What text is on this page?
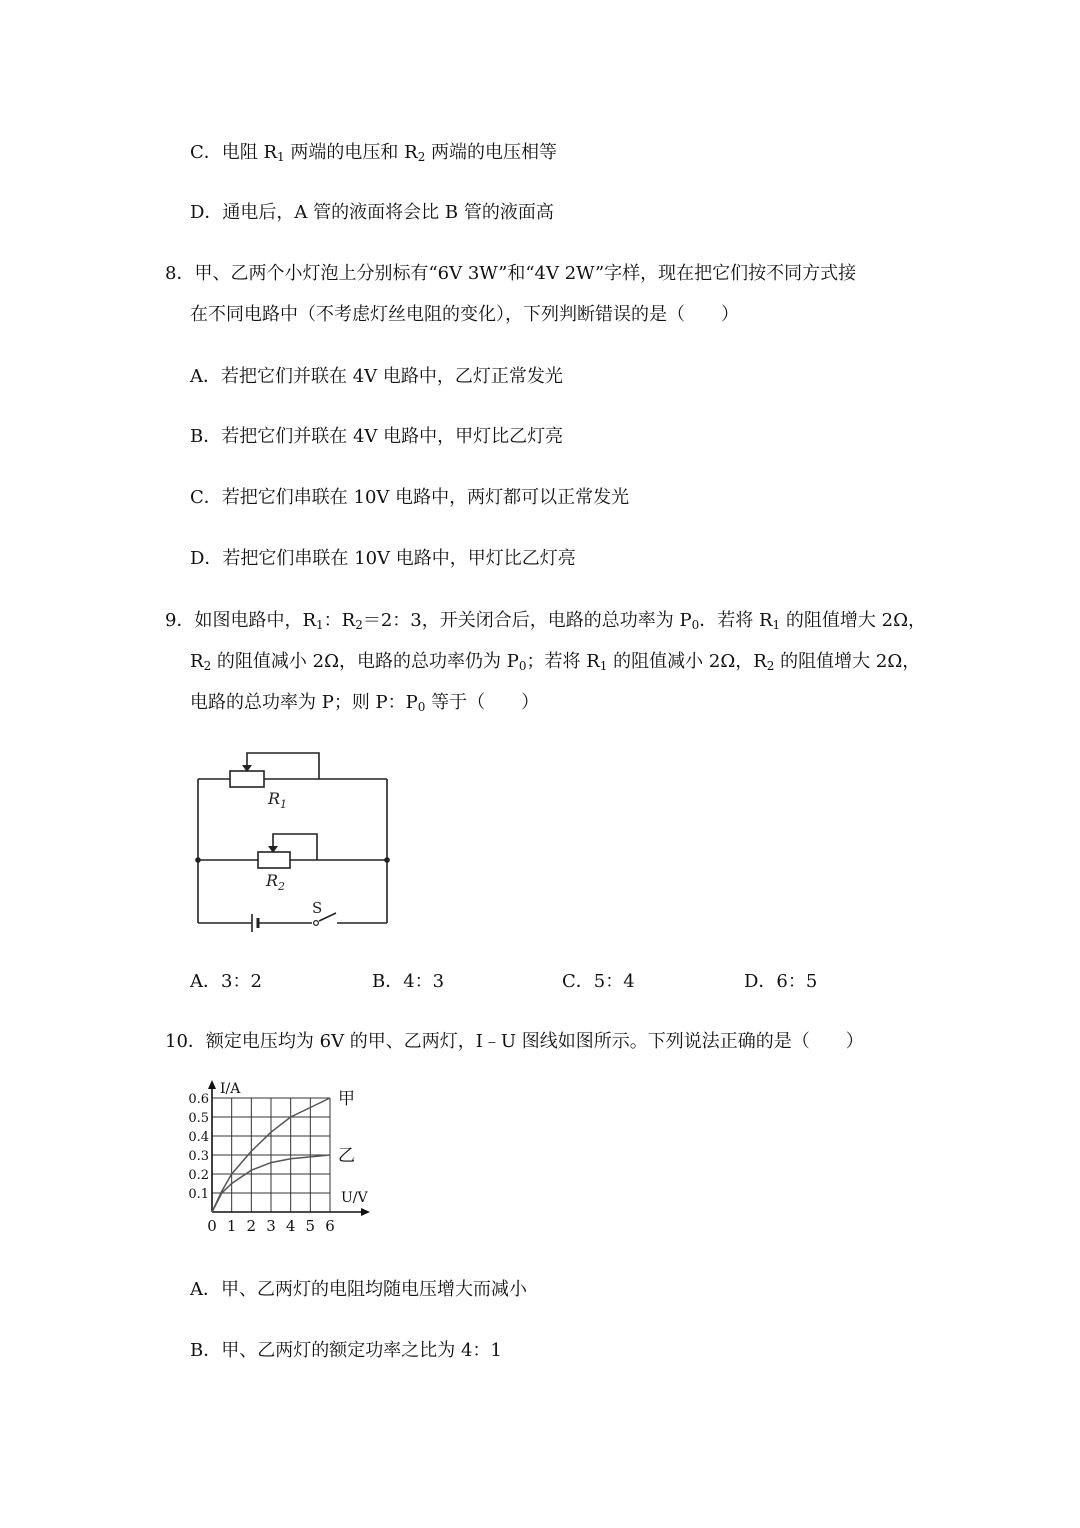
C．电阻 $R_1$ 两端的电压和 $R_2$ 两端的电压相等
D．通电后，A 管的液面将会比 B 管的液面高
8．甲、乙两个小灯泡上分别标有“6V 3W”和“4V 2W”字样，现在把它们按不同方式接
在不同电路中（不考虑灯丝电阻的变化），下列判断错误的是（　　）
A．若把它们并联在 4V 电路中，乙灯正常发光
B．若把它们并联在 4V 电路中，甲灯比乙灯亮
C．若把它们串联在 10V 电路中，两灯都可以正常发光
D．若把它们串联在 10V 电路中，甲灯比乙灯亮
9．如图电路中，$R_1$：$R_2=2$：3，开关闭合后，电路的总功率为 $P_0$．若将 $R_1$ 的阻值增大 2Ω，
$R_2$ 的阻值减小 2Ω，电路的总功率仍为 $P_0$；若将 $R_1$ 的阻值减小 2Ω，$R_2$ 的阻值增大 2Ω，
电路的总功率为 P；则 P：$P_0$ 等于（　　）
$R_1$
$R_2$
S
A．3：2	B．4：3	C．5：4	D．6：5
10．额定电压均为 6V 的甲、乙两灯，I﹣U 图线如图所示。下列说法正确的是（　　）
甲
乙
0 1 2 3 4 5 6
0.1
0.2
0.3
0.4
0.5
0.6
I/A
U/V
A．甲、乙两灯的电阻均随电压增大而减小
B．甲、乙两灯的额定功率之比为 4：1
